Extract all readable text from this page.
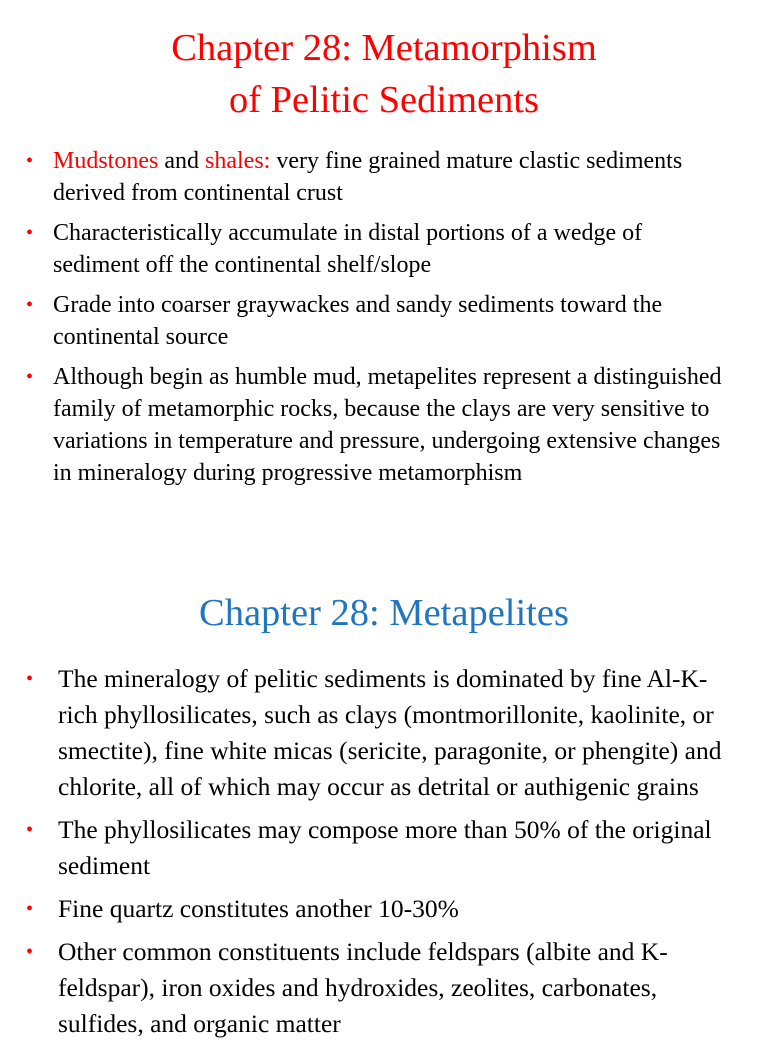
Chapter 28: Metamorphism
of Pelitic Sediments
• Mudstones and shales: very fine grained mature clastic sediments derived from continental crust
• Characteristically accumulate in distal portions of a wedge of sediment off the continental shelf/slope
• Grade into coarser graywackes and sandy sediments toward the continental source
• Although begin as humble mud, metapelites represent a distinguished family of metamorphic rocks, because the clays are very sensitive to variations in temperature and pressure, undergoing extensive changes in mineralogy during progressive metamorphism
Chapter 28: Metapelites
• The mineralogy of pelitic sediments is dominated by fine Al-K-rich phyllosilicates, such as clays (montmorillonite, kaolinite, or smectite), fine white micas (sericite, paragonite, or phengite) and chlorite, all of which may occur as detrital or authigenic grains
• The phyllosilicates may compose more than 50% of the original sediment
• Fine quartz constitutes another 10-30%
• Other common constituents include feldspars (albite and K-feldspar), iron oxides and hydroxides, zeolites, carbonates, sulfides, and organic matter
